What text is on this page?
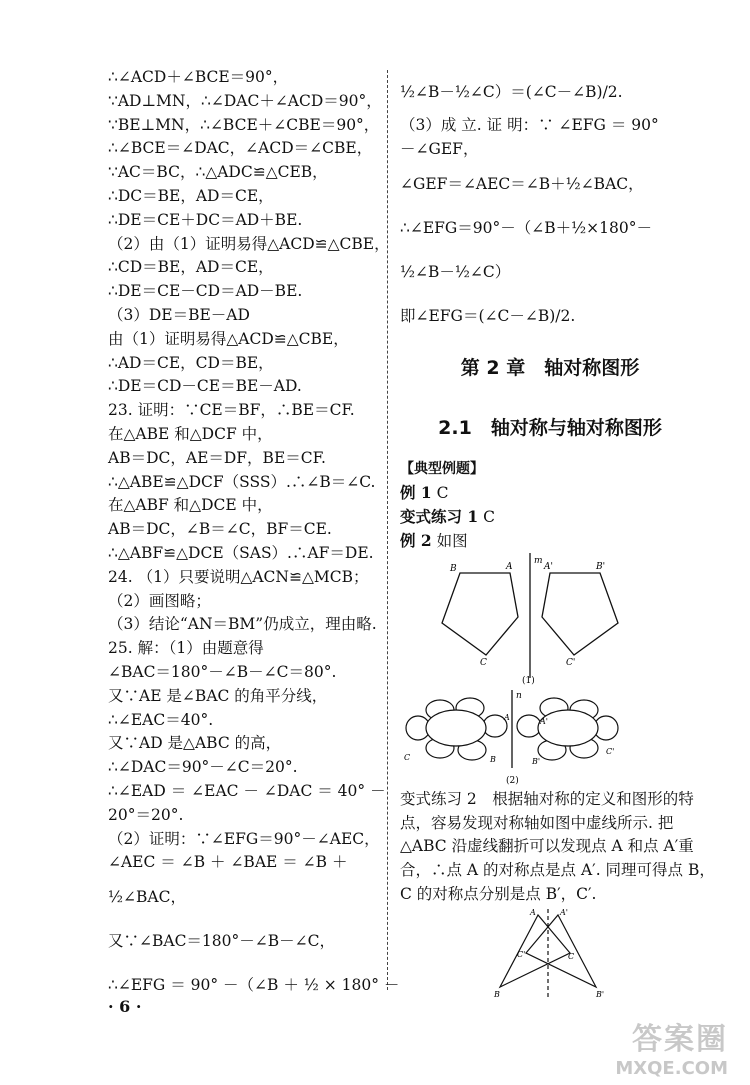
∴∠ACD＋∠BCE＝90°，
∵AD⊥MN，∴∠DAC＋∠ACD＝90°，
∵BE⊥MN，∴∠BCE＋∠CBE＝90°，
∴∠BCE＝∠DAC，∠ACD＝∠CBE，
∵AC＝BC，∴△ADC≌△CEB，
∴DC＝BE，AD＝CE，
∴DE＝CE＋DC＝AD＋BE.
（2）由（1）证明易得△ACD≌△CBE，
∴CD＝BE，AD＝CE，
∴DE＝CE－CD＝AD－BE.
（3）DE＝BE－AD
由（1）证明易得△ACD≌△CBE，
∴AD＝CE，CD＝BE，
∴DE＝CD－CE＝BE－AD.
23. 证明：∵CE＝BF，∴BE＝CF.
在△ABE 和△DCF 中，
AB＝DC，AE＝DF，BE＝CF.
∴△ABE≌△DCF（SSS）.∴∠B＝∠C.
在△ABF 和△DCE 中，
AB＝DC，∠B＝∠C，BF＝CE.
∴△ABF≌△DCE（SAS）.∴AF＝DE.
24. （1）只要说明△ACN≌△MCB；
（2）画图略；
（3）结论“AN＝BM”仍成立，理由略.
25. 解：（1）由题意得
∠BAC＝180°－∠B－∠C＝80°.
又∵AE 是∠BAC 的角平分线，
∴∠EAC＝40°.
又∵AD 是△ABC 的高，
∴∠DAC＝90°－∠C＝20°.
∴∠EAD ＝ ∠EAC － ∠DAC ＝ 40° －
20°＝20°.
（2）证明：∵∠EFG＝90°－∠AEC，
∠AEC ＝ ∠B ＋ ∠BAE ＝ ∠B ＋
½∠BAC，
又∵∠BAC＝180°－∠B－∠C，
∴∠EFG ＝ 90° －（∠B ＋ ½ × 180° －
½∠B－½∠C）＝(∠C－∠B)/2.
（3）成 立. 证 明：∵ ∠EFG ＝ 90°
－∠GEF，
∠GEF＝∠AEC＝∠B＋½∠BAC，
∴∠EFG＝90°－（∠B＋½×180°－
½∠B－½∠C）
即∠EFG＝(∠C－∠B)/2.
第 2 章　轴对称图形
2.1　轴对称与轴对称图形
【典型例题】
例 1 C
变式练习 1 C
例 2 如图
m
B	A
C
A'	B'
C'
(1)
n
A
C	B
A'
B'
C'
(2)
变式练习 2　根据轴对称的定义和图形的特
点，容易发现对称轴如图中虚线所示. 把
△ABC 沿虚线翻折可以发现点 A 和点 A′重
合，∴点 A 的对称点是点 A′. 同理可得点 B，
C 的对称点分别是点 B′，C′.
A	A'
C'	C
B	B'
· 6 ·
答案圈
MXQE.COM
